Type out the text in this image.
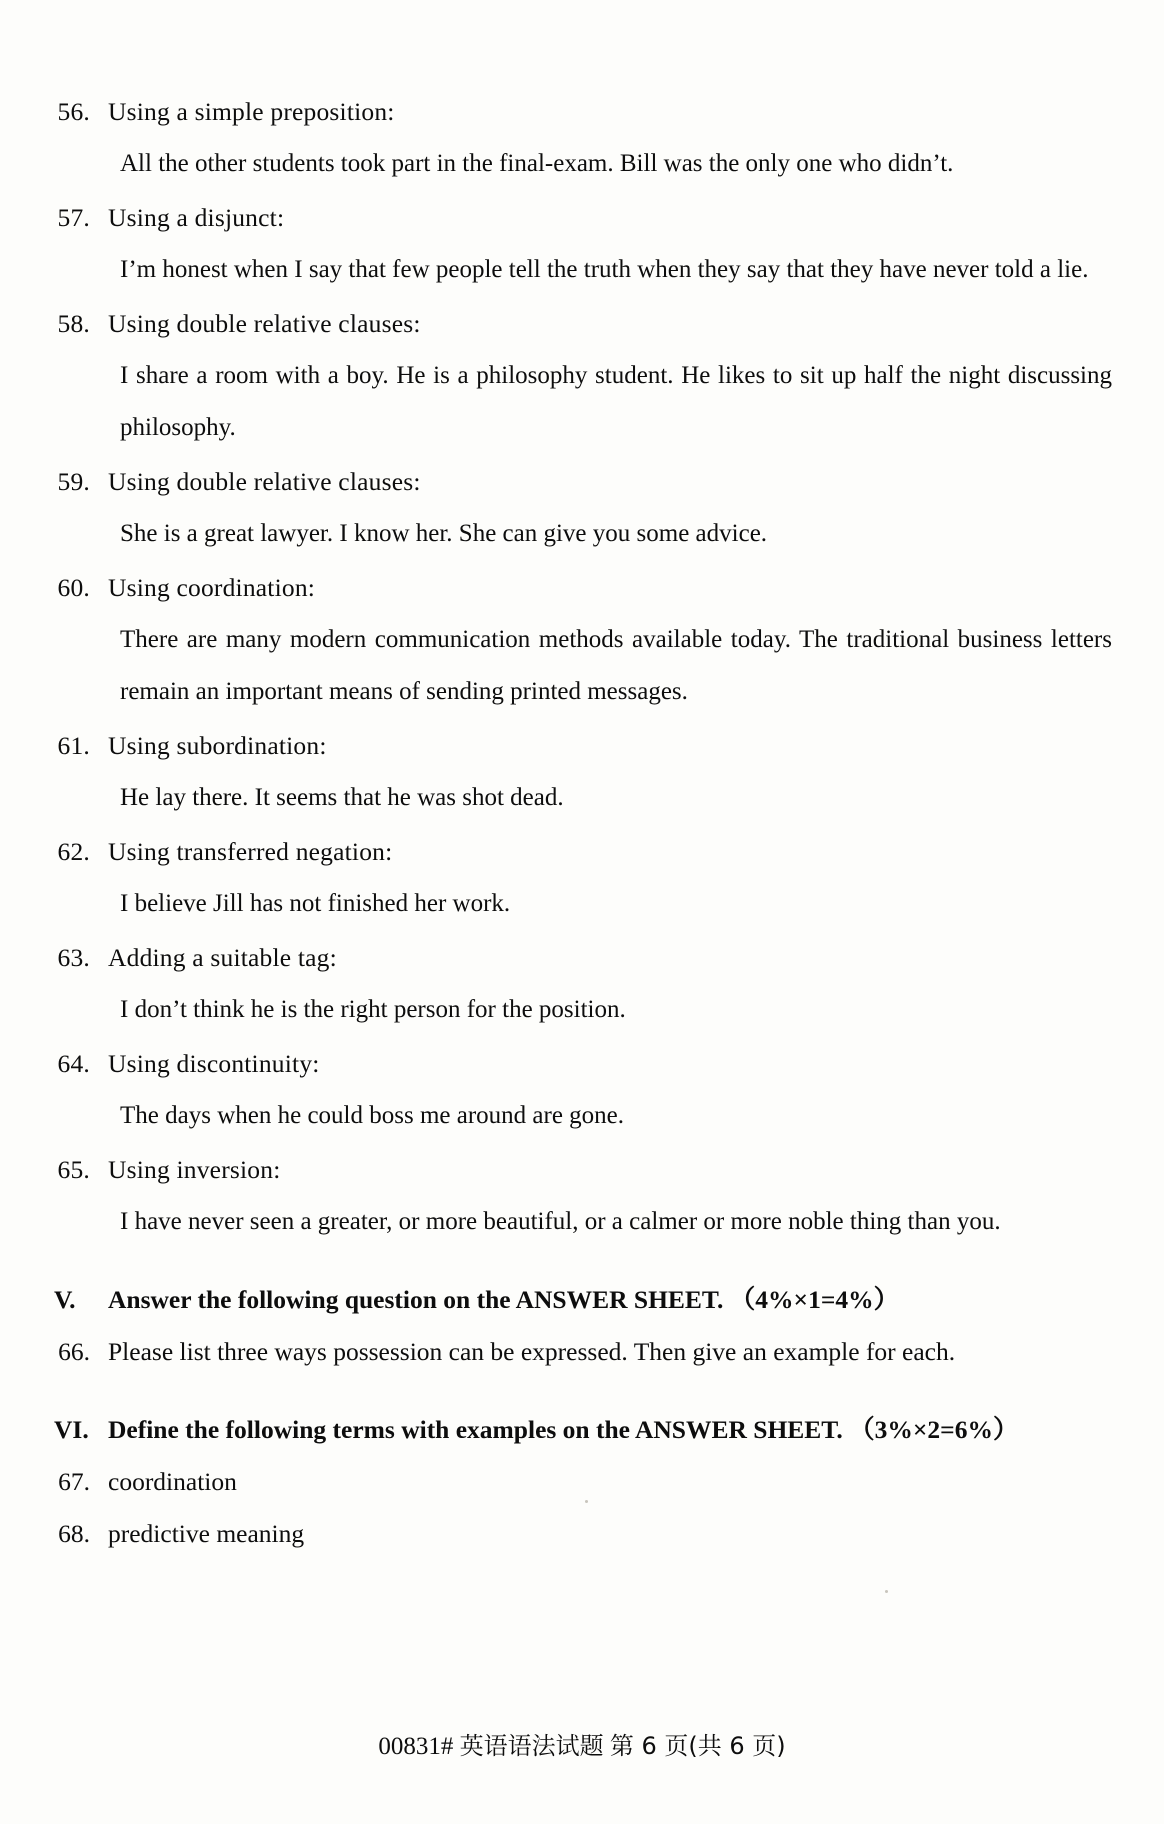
56. Using a simple preposition:
All the other students took part in the final-exam. Bill was the only one who didn’t.
57. Using a disjunct:
I’m honest when I say that few people tell the truth when they say that they have never told a lie.
58. Using double relative clauses:
I share a room with a boy. He is a philosophy student. He likes to sit up half the night discussing philosophy.
59. Using double relative clauses:
She is a great lawyer. I know her. She can give you some advice.
60. Using coordination:
There are many modern communication methods available today. The traditional business letters remain an important means of sending printed messages.
61. Using subordination:
He lay there. It seems that he was shot dead.
62. Using transferred negation:
I believe Jill has not finished her work.
63. Adding a suitable tag:
I don’t think he is the right person for the position.
64. Using discontinuity:
The days when he could boss me around are gone.
65. Using inversion:
I have never seen a greater, or more beautiful, or a calmer or more noble thing than you.
V.	Answer the following question on the ANSWER SHEET. （4%×1=4%）
66. Please list three ways possession can be expressed. Then give an example for each.
VI. Define the following terms with examples on the ANSWER SHEET. （3%×2=6%）
67. coordination
68. predictive meaning
00831# 英语语法试题 第 6 页(共 6 页)
